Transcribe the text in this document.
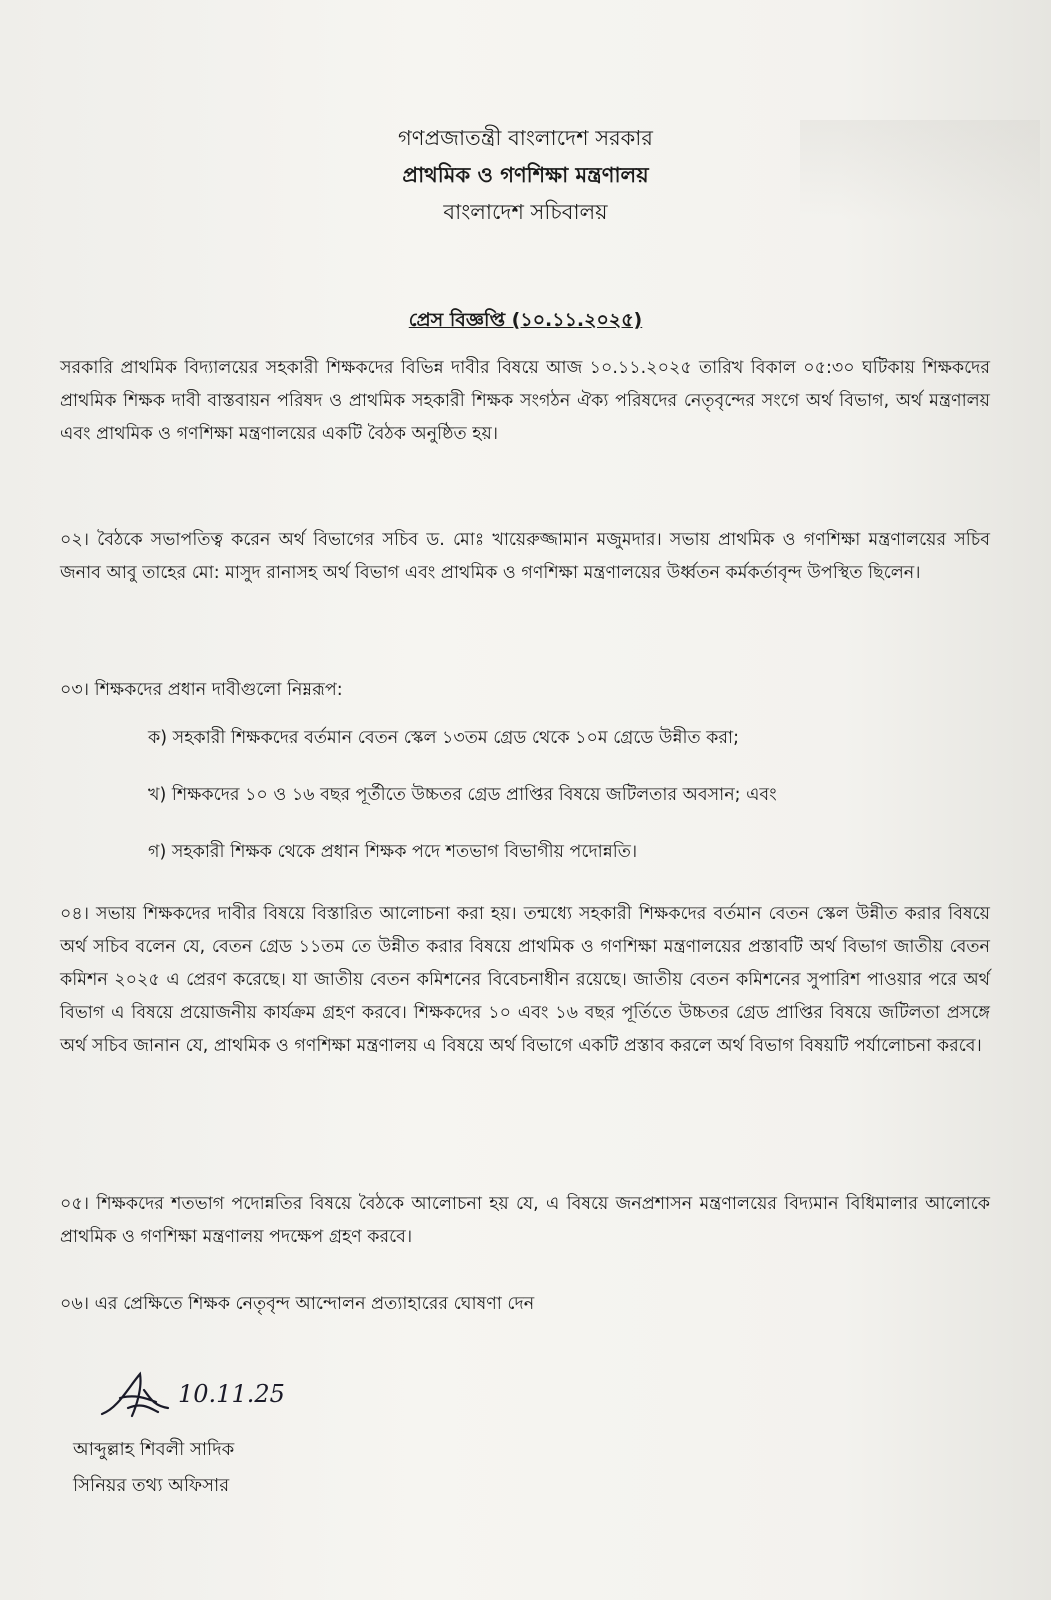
গণপ্রজাতন্ত্রী বাংলাদেশ সরকার
প্রাথমিক ও গণশিক্ষা মন্ত্রণালয়
বাংলাদেশ সচিবালয়
প্রেস বিজ্ঞপ্তি (১০.১১.২০২৫)
সরকারি প্রাথমিক বিদ্যালয়ের সহকারী শিক্ষকদের বিভিন্ন দাবীর বিষয়ে আজ ১০.১১.২০২৫ তারিখ বিকাল ০৫:৩০ ঘটিকায় শিক্ষকদের প্রাথমিক শিক্ষক দাবী বাস্তবায়ন পরিষদ ও প্রাথমিক সহকারী শিক্ষক সংগঠন ঐক্য পরিষদের নেতৃবৃন্দের সংগে অর্থ বিভাগ, অর্থ মন্ত্রণালয় এবং প্রাথমিক ও গণশিক্ষা মন্ত্রণালয়ের একটি বৈঠক অনুষ্ঠিত হয়।
০২। বৈঠকে সভাপতিত্ব করেন অর্থ বিভাগের সচিব ড. মোঃ খায়েরুজ্জামান মজুমদার। সভায় প্রাথমিক ও গণশিক্ষা মন্ত্রণালয়ের সচিব জনাব আবু তাহের মো: মাসুদ রানাসহ অর্থ বিভাগ এবং প্রাথমিক ও গণশিক্ষা মন্ত্রণালয়ের উর্ধ্বতন কর্মকর্তাবৃন্দ উপস্থিত ছিলেন।
০৩। শিক্ষকদের প্রধান দাবীগুলো নিম্নরূপ:
ক) সহকারী শিক্ষকদের বর্তমান বেতন স্কেল ১৩তম গ্রেড থেকে ১০ম গ্রেডে উন্নীত করা;
খ) শিক্ষকদের ১০ ও ১৬ বছর পূর্তীতে উচ্চতর গ্রেড প্রাপ্তির বিষয়ে জটিলতার অবসান; এবং
গ) সহকারী শিক্ষক থেকে প্রধান শিক্ষক পদে শতভাগ বিভাগীয় পদোন্নতি।
০৪। সভায় শিক্ষকদের দাবীর বিষয়ে বিস্তারিত আলোচনা করা হয়। তন্মধ্যে সহকারী শিক্ষকদের বর্তমান বেতন স্কেল উন্নীত করার বিষয়ে অর্থ সচিব বলেন যে, বেতন গ্রেড ১১তম তে উন্নীত করার বিষয়ে প্রাথমিক ও গণশিক্ষা মন্ত্রণালয়ের প্রস্তাবটি অর্থ বিভাগ জাতীয় বেতন কমিশন ২০২৫ এ প্রেরণ করেছে। যা জাতীয় বেতন কমিশনের বিবেচনাধীন রয়েছে। জাতীয় বেতন কমিশনের সুপারিশ পাওয়ার পরে অর্থ বিভাগ এ বিষয়ে প্রয়োজনীয় কার্যক্রম গ্রহণ করবে। শিক্ষকদের ১০ এবং ১৬ বছর পূর্তিতে উচ্চতর গ্রেড প্রাপ্তির বিষয়ে জটিলতা প্রসঙ্গে অর্থ সচিব জানান যে, প্রাথমিক ও গণশিক্ষা মন্ত্রণালয় এ বিষয়ে অর্থ বিভাগে একটি প্রস্তাব করলে অর্থ বিভাগ বিষয়টি পর্যালোচনা করবে।
০৫। শিক্ষকদের শতভাগ পদোন্নতির বিষয়ে বৈঠকে আলোচনা হয় যে, এ বিষয়ে জনপ্রশাসন মন্ত্রণালয়ের বিদ্যমান বিধিমালার আলোকে প্রাথমিক ও গণশিক্ষা মন্ত্রণালয় পদক্ষেপ গ্রহণ করবে।
০৬। এর প্রেক্ষিতে শিক্ষক নেতৃবৃন্দ আন্দোলন প্রত্যাহারের ঘোষণা দেন
10.11.25
আব্দুল্লাহ শিবলী সাদিক
সিনিয়র তথ্য অফিসার
